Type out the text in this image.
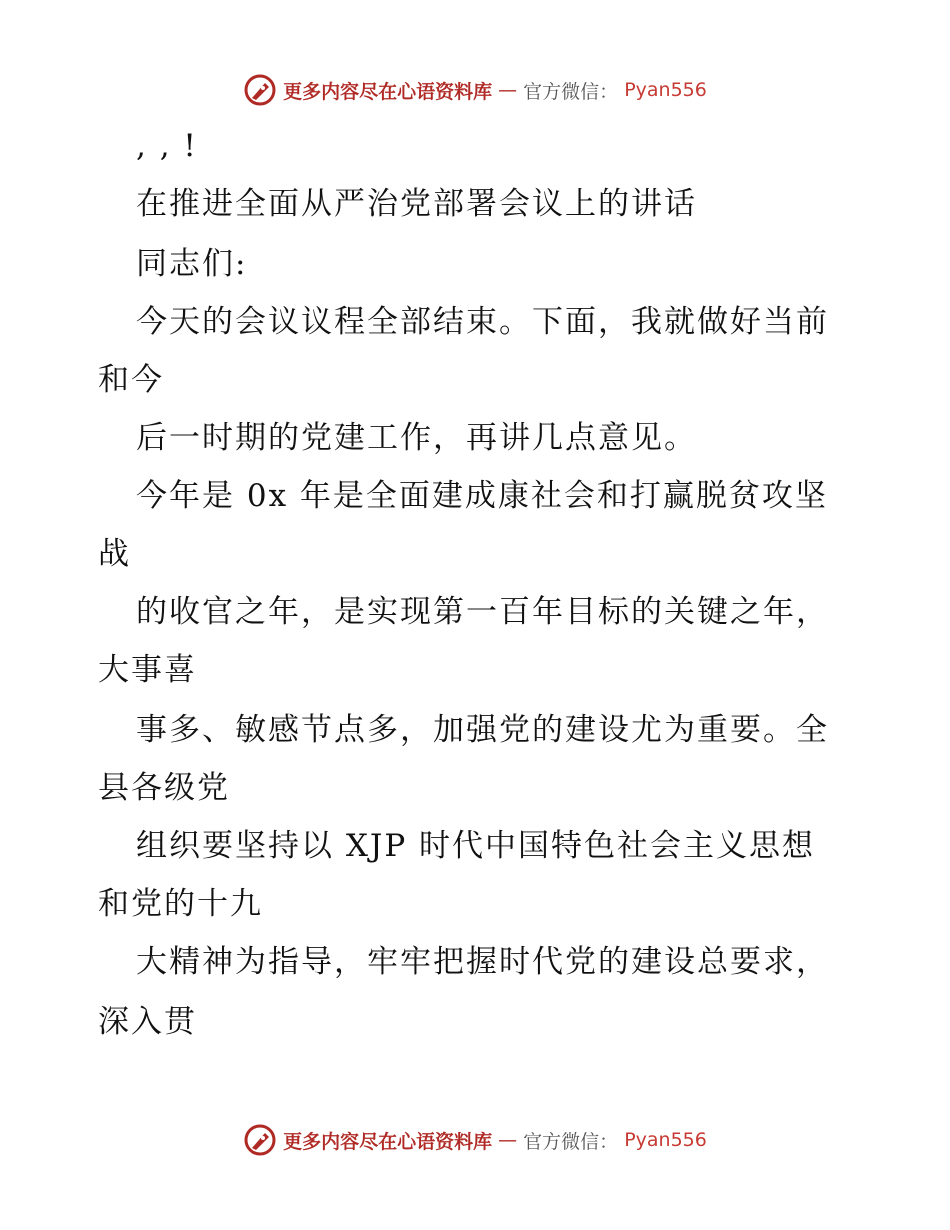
更多内容尽在心语资料库 — 官方微信： Pyan556
, , !
在推进全面从严治党部署会议上的讲话
同志们:
今天的会议议程全部结束。下面，我就做好当前
和今
后一时期的党建工作，再讲几点意见。
今年是 0x 年是全面建成康社会和打赢脱贫攻坚
战
的收官之年，是实现第一百年目标的关键之年，
大事喜
事多、敏感节点多，加强党的建设尤为重要。全
县各级党
组织要坚持以 XJP 时代中国特色社会主义思想
和党的十九
大精神为指导，牢牢把握时代党的建设总要求，
深入贯
更多内容尽在心语资料库 — 官方微信： Pyan556
